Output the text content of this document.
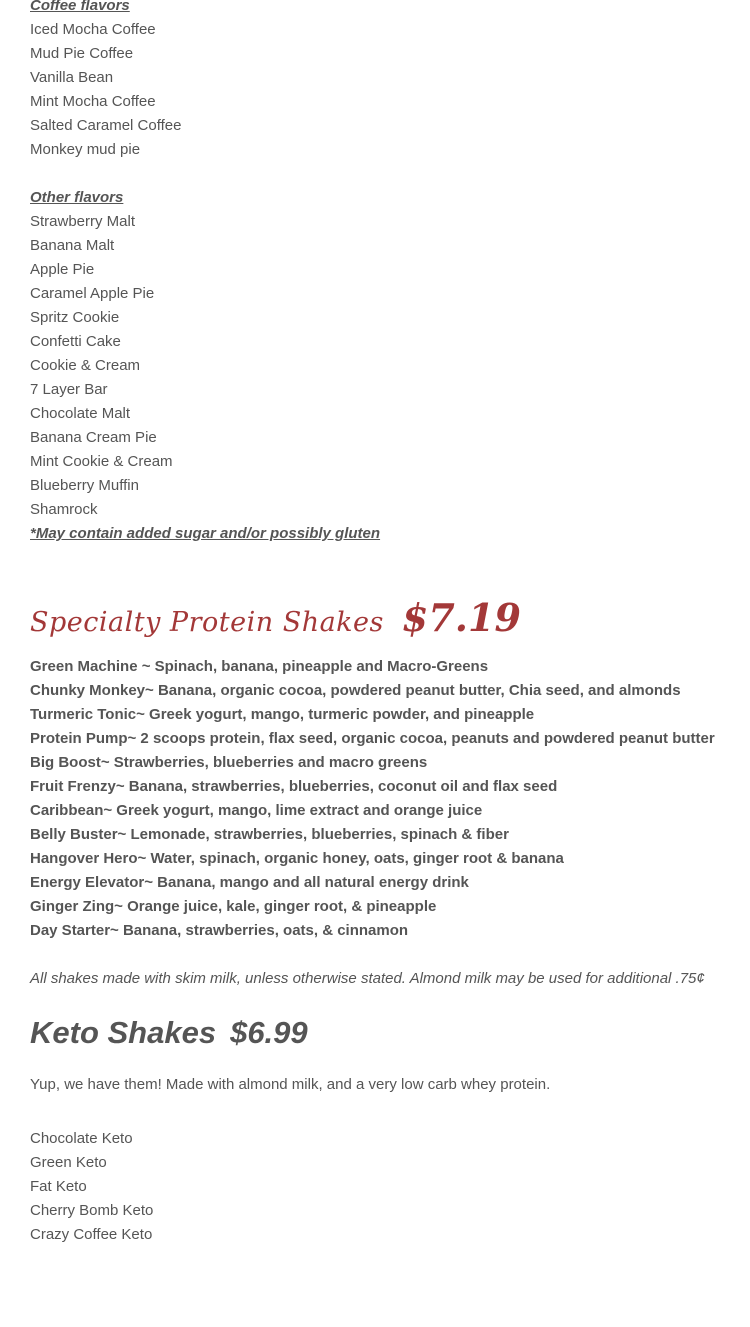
Coffee flavors
Iced Mocha Coffee
Mud Pie Coffee
Vanilla Bean
Mint Mocha Coffee
Salted Caramel Coffee
Monkey mud pie
Other flavors
Strawberry Malt
Banana Malt
Apple Pie
Caramel Apple Pie
Spritz Cookie
Confetti Cake
Cookie & Cream
7 Layer Bar
Chocolate Malt
Banana Cream Pie
Mint Cookie & Cream
Blueberry Muffin
Shamrock
*May contain added sugar and/or possibly gluten
Specialty Protein Shakes $7.19
Green Machine ~ Spinach, banana, pineapple and Macro-Greens
Chunky Monkey~ Banana, organic cocoa, powdered peanut butter, Chia seed, and almonds
Turmeric Tonic~ Greek yogurt, mango, turmeric powder, and pineapple
Protein Pump~ 2 scoops protein, flax seed, organic cocoa, peanuts and powdered peanut butter
Big Boost~ Strawberries, blueberries and macro greens
Fruit Frenzy~ Banana, strawberries, blueberries, coconut oil and flax seed
Caribbean~ Greek yogurt, mango, lime extract and orange juice
Belly Buster~ Lemonade, strawberries, blueberries, spinach & fiber
Hangover Hero~ Water, spinach, organic honey, oats, ginger root & banana
Energy Elevator~ Banana, mango and all natural energy drink
Ginger Zing~ Orange juice, kale, ginger root, & pineapple
Day Starter~ Banana, strawberries, oats, & cinnamon
All shakes made with skim milk, unless otherwise stated. Almond milk may be used for additional .75¢
Keto Shakes $6.99
Yup, we have them! Made with almond milk, and a very low carb whey protein.
Chocolate Keto
Green Keto
Fat Keto
Cherry Bomb Keto
Crazy Coffee Keto
